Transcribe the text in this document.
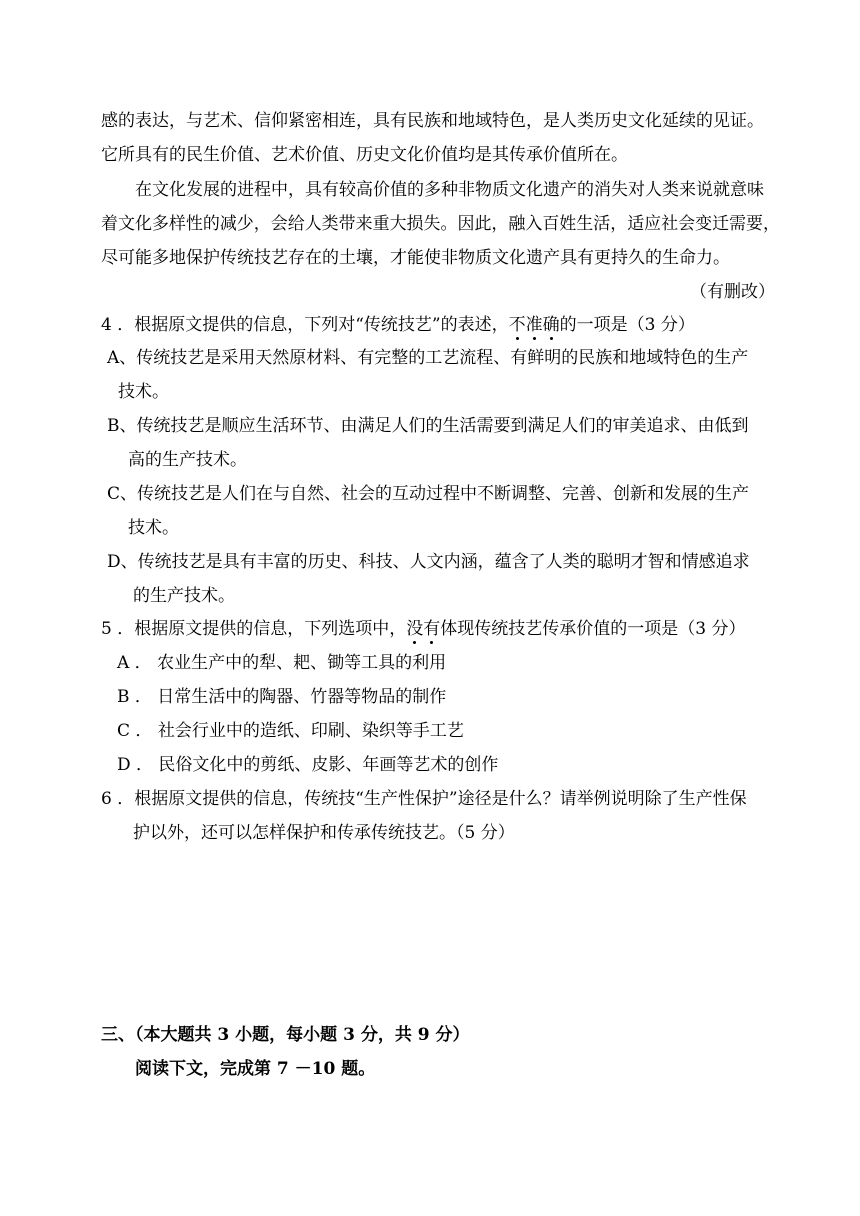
感的表达，与艺术、信仰紧密相连，具有民族和地域特色，是人类历史文化延续的见证。
它所具有的民生价值、艺术价值、历史文化价值均是其传承价值所在。
在文化发展的进程中，具有较高价值的多种非物质文化遗产的消失对人类来说就意味
着文化多样性的减少，会给人类带来重大损失。因此，融入百姓生活，适应社会变迁需要，
尽可能多地保护传统技艺存在的土壤，才能使非物质文化遗产具有更持久的生命力。
（有删改）
4 ．根据原文提供的信息，下列对“传统技艺”的表述，不准确的一项是（3 分）
A、传统技艺是采用天然原材料、有完整的工艺流程、有鲜明的民族和地域特色的生产
技术。
B、传统技艺是顺应生活环节、由满足人们的生活需要到满足人们的审美追求、由低到
高的生产技术。
C、传统技艺是人们在与自然、社会的互动过程中不断调整、完善、创新和发展的生产
技术。
D、传统技艺是具有丰富的历史、科技、人文内涵，蕴含了人类的聪明才智和情感追求
的生产技术。
5 ．根据原文提供的信息，下列选项中，没有体现传统技艺传承价值的一项是（3 分）
A ． 农业生产中的犁、耙、锄等工具的利用
B ． 日常生活中的陶器、竹器等物品的制作
C ． 社会行业中的造纸、印刷、染织等手工艺
D ． 民俗文化中的剪纸、皮影、年画等艺术的创作
6 ．根据原文提供的信息，传统技“生产性保护”途径是什么？请举例说明除了生产性保
护以外，还可以怎样保护和传承传统技艺。（5 分）
三、（本大题共 3 小题，每小题 3 分，共 9 分）
阅读下文，完成第 7 －10 题。
